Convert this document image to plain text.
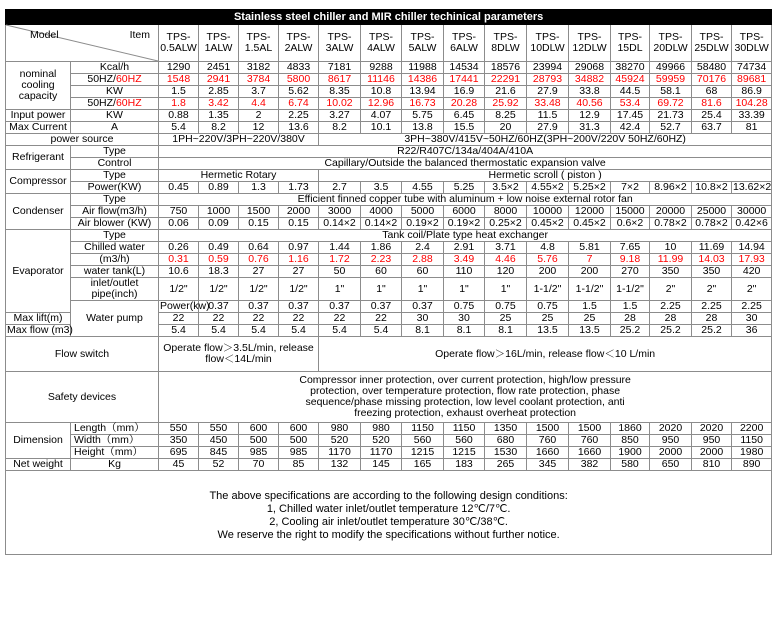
Stainless steel chiller and MIR chiller techinical parameters																	

Model Item		TPS-0.5ALW	TPS-1ALW	TPS-1.5AL	TPS-2ALW	TPS-3ALW	TPS-4ALW	TPS-5ALW	TPS-6ALW	TPS-8DLW	TPS-10DLW	TPS-12DLW	TPS-15DL	TPS-20DLW	TPS-25DLW	TPS-30DLW	
nominal cooling capacity	Kcal/h	1290	2451	3182	4833	7181	9288	11988	14534	18576	23994	29068	38270	49966	58480	74734	
	50HZ/60HZ	1548	2941	3784	5800	8617	11146	14386	17441	22291	28793	34882	45924	59959	70176	89681	
	KW	1.5	2.85	3.7	5.62	8.35	10.8	13.94	16.9	21.6	27.9	33.8	44.5	58.1	68	86.9	
	50HZ/60HZ	1.8	3.42	4.4	6.74	10.02	12.96	16.73	20.28	25.92	33.48	40.56	53.4	69.72	81.6	104.28	
Input power	KW	0.88	1.35	2	2.25	3.27	4.07	5.75	6.45	8.25	11.5	12.9	17.45	21.73	25.4	33.39	
Max Current	A	5.4	8.2	12	13.6	8.2	10.1	13.8	15.5	20	27.9	31.3	42.4	52.7	63.7	81	
power source		1PH~220V/3PH~220V/380V				3PH~380V/415V~50HZ/60HZ(3PH~200V/220V 50HZ/60HZ)											
Refrigerant	Type	R22/R407C/134a/404A/410A															
	Control	Capillary/Outside the balanced thermostatic expansion valve															
Compressor	Type	Hermetic Rotary				Hermetic scroll ( piston )											
	Power(KW)	0.45	0.89	1.3	1.73	2.7	3.5	4.55	5.25	3.5×2	4.55×2	5.25×2	7×2	8.96×2	10.8×2	13.62×2	
Condenser	Type	Efficient finned copper tube with aluminum + low noise external rotor fan															
	Air flow(m3/h)	750	1000	1500	2000	3000	4000	5000	6000	8000	10000	12000	15000	20000	25000	30000	
	Air blower (KW)	0.06	0.09	0.15	0.15	0.14×2	0.14×2	0.19×2	0.19×2	0.25×2	0.45×2	0.45×2	0.6×2	0.78×2	0.78×2	0.42×6	
Evaporator	Type	Tank coil/Plate type heat exchanger															
	Chilled water	0.26	0.49	0.64	0.97	1.44	1.86	2.4	2.91	3.71	4.8	5.81	7.65	10	11.69	14.94	
	(m3/h)	0.31	0.59	0.76	1.16	1.72	2.23	2.88	3.49	4.46	5.76	7	9.18	11.99	14.03	17.93	
	water tank(L)	10.6	18.3	27	27	50	60	60	110	120	200	200	270	350	350	420	
	inlet/outlet pipe(inch)	1/2"	1/2"	1/2"	1/2"	1"	1"	1"	1"	1"	1-1/2"	1-1/2"	1-1/2"	2"	2"	2"	
	Water pump	Power(kw)	0.37	0.37	0.37	0.37	0.37	0.37	0.75	0.75	0.75	1.5	1.5	2.25	2.25	2.25	
Max lift(m)		22	22	22	22	22	22	30	30	25	25	25	28	28	28	30	
Max flow (m3)		5.4	5.4	5.4	5.4	5.4	5.4	8.1	8.1	8.1	13.5	13.5	25.2	25.2	25.2	36	
Flow switch		Operate flow＞3.5L/min, release flow＜14L/min				Operate flow＞16L/min, release flow＜10 L/min											
Safety devices		Compressor inner protection, over current protection, high/low pressure protection, over temperature protection, flow rate protection, phase sequence/phase missing protection, low level coolant protection, anti freezing protection, exhaust overheat protection															
Dimension	Length（mm）	550	550	600	600	980	980	1150	1150	1350	1500	1500	1860	2020	2020	2200	
	Width（mm）	350	450	500	500	520	520	560	560	680	760	760	850	950	950	1150	
	Height（mm）	695	845	985	985	1170	1170	1215	1215	1530	1660	1660	1900	2000	2000	1980	
Net weight	Kg	45	52	70	85	132	145	165	183	265	345	382	580	650	810	890	

The above specifications are according to the following design conditions:
1, Chilled water inlet/outlet temperature 12℃/7℃.
2, Cooling air inlet/outlet temperature 30℃/38℃.
We reserve the right to modify the specifications without further notice.																	
